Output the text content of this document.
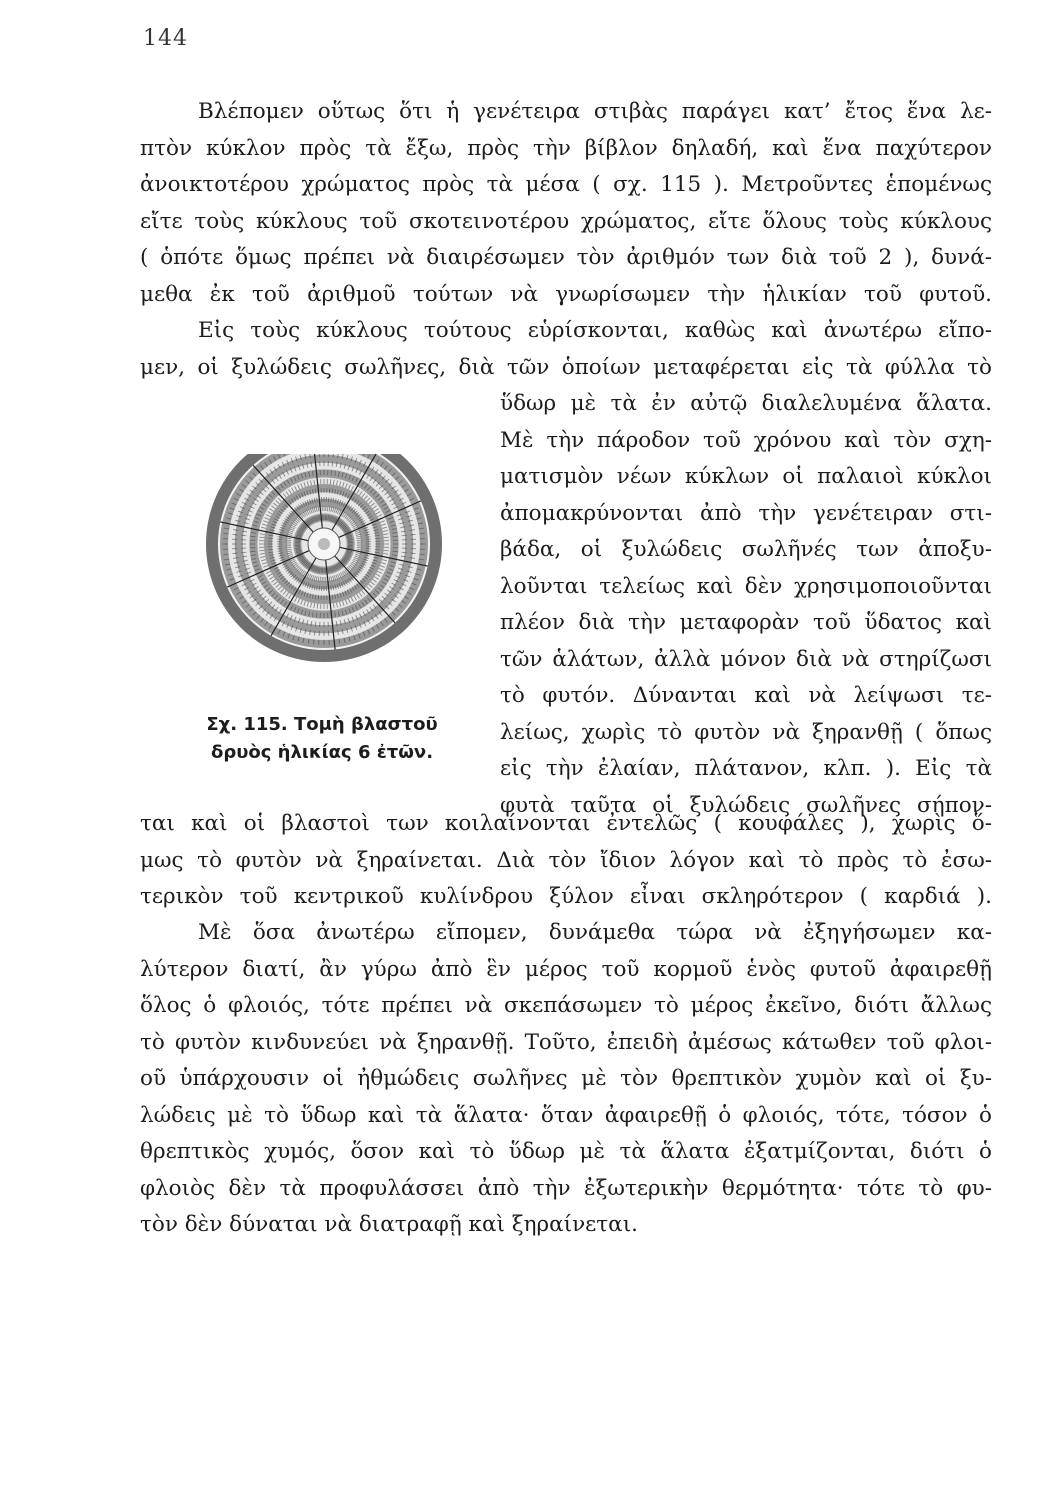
144
Βλέπομεν οὕτως ὅτι ἡ γενέτειρα στιβὰς παράγει κατ’ ἔτος ἕνα λε-
πτὸν κύκλον πρὸς τὰ ἔξω, πρὸς τὴν βίβλον δηλαδή, καὶ ἕνα παχύτερον
ἀνοικτοτέρου χρώματος πρὸς τὰ μέσα ( σχ. 115 ). Μετροῦντες ἑπομένως
εἴτε τοὺς κύκλους τοῦ σκοτεινοτέρου χρώματος, εἴτε ὅλους τοὺς κύκλους
( ὁπότε ὅμως πρέπει νὰ διαιρέσωμεν τὸν ἀριθμόν των διὰ τοῦ 2 ), δυνά-
μεθα ἐκ τοῦ ἀριθμοῦ τούτων νὰ γνωρίσωμεν τὴν ἡλικίαν τοῦ φυτοῦ.
Εἰς τοὺς κύκλους τούτους εὑρίσκονται, καθὼς καὶ ἀνωτέρω εἴπο-
μεν, οἱ ξυλώδεις σωλῆνες, διὰ τῶν ὁποίων μεταφέρεται εἰς τὰ φύλλα τὸ
Σχ. 115. Τομὴ βλαστοῦ
δρυὸς ἡλικίας 6 ἐτῶν.
ὕδωρ μὲ τὰ ἐν αὐτῷ διαλελυμένα ἅλατα.
Μὲ τὴν πάροδον τοῦ χρόνου καὶ τὸν σχη-
ματισμὸν νέων κύκλων οἱ παλαιοὶ κύκλοι
ἀπομακρύνονται ἀπὸ τὴν γενέτειραν στι-
βάδα, οἱ ξυλώδεις σωλῆνές των ἀποξυ-
λοῦνται τελείως καὶ δὲν χρησιμοποιοῦνται
πλέον διὰ τὴν μεταφορὰν τοῦ ὕδατος καὶ
τῶν ἁλάτων, ἀλλὰ μόνον διὰ νὰ στηρίζωσι
τὸ φυτόν. Δύνανται καὶ νὰ λείψωσι τε-
λείως, χωρὶς τὸ φυτὸν νὰ ξηρανθῇ ( ὅπως
εἰς τὴν ἐλαίαν, πλάτανον, κλπ. ). Εἰς τὰ
φυτὰ ταῦτα οἱ ξυλώδεις σωλῆνες σήπον-
ται καὶ οἱ βλαστοὶ των κοιλαίνονται ἐντελῶς ( κουφάλες ), χωρὶς ὅ-
μως τὸ φυτὸν νὰ ξηραίνεται. Διὰ τὸν ἴδιον λόγον καὶ τὸ πρὸς τὸ ἐσω-
τερικὸν τοῦ κεντρικοῦ κυλίνδρου ξύλον εἶναι σκληρότερον ( καρδιά ).
Μὲ ὅσα ἀνωτέρω εἴπομεν, δυνάμεθα τώρα νὰ ἐξηγήσωμεν κα-
λύτερον διατί, ἂν γύρω ἀπὸ ἓν μέρος τοῦ κορμοῦ ἑνὸς φυτοῦ ἀφαιρεθῇ
ὅλος ὁ φλοιός, τότε πρέπει νὰ σκεπάσωμεν τὸ μέρος ἐκεῖνο, διότι ἄλλως
τὸ φυτὸν κινδυνεύει νὰ ξηρανθῇ. Τοῦτο, ἐπειδὴ ἀμέσως κάτωθεν τοῦ φλοι-
οῦ ὑπάρχουσιν οἱ ἠθμώδεις σωλῆνες μὲ τὸν θρεπτικὸν χυμὸν καὶ οἱ ξυ-
λώδεις μὲ τὸ ὕδωρ καὶ τὰ ἅλατα· ὅταν ἀφαιρεθῇ ὁ φλοιός, τότε, τόσον ὁ
θρεπτικὸς χυμός, ὅσον καὶ τὸ ὕδωρ μὲ τὰ ἅλατα ἐξατμίζονται, διότι ὁ
φλοιὸς δὲν τὰ προφυλάσσει ἀπὸ τὴν ἐξωτερικὴν θερμότητα· τότε τὸ φυ-
τὸν δὲν δύναται νὰ διατραφῇ καὶ ξηραίνεται.
